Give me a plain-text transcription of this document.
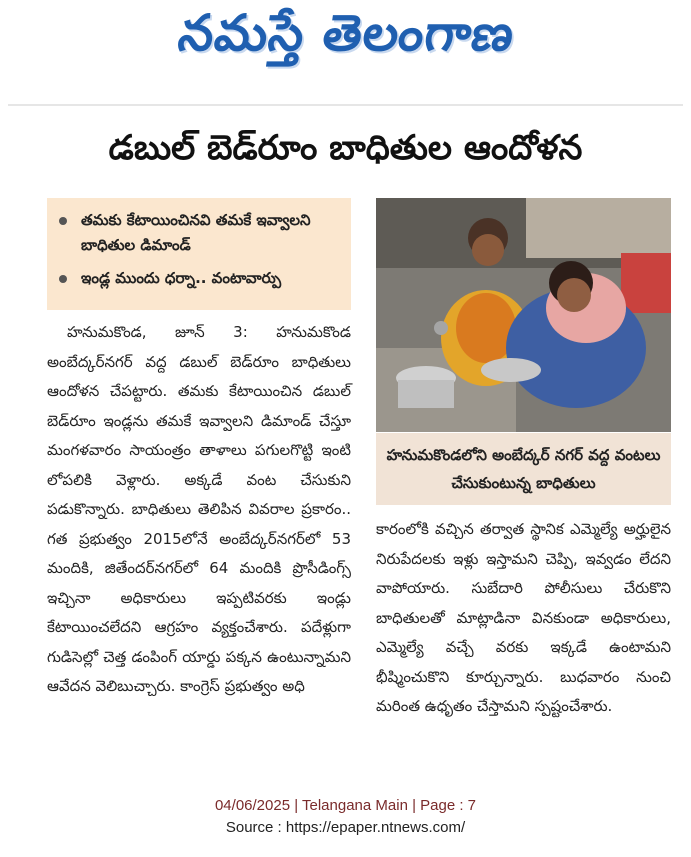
నమస్తే తెలంగాణ
డబుల్ బెడ్‌రూం బాధితుల ఆందోళన
తమకు కేటాయించినవి తమకే ఇవ్వాలని బాధితుల డిమాండ్
ఇండ్ల ముందు ధర్నా.. వంటావార్పు

హనుమకొండ, జూన్ 3: హనుమకొండ అంబేద్కర్‌నగర్ వద్ద డబుల్ బెడ్‌రూం బాధితులు ఆందోళన చేపట్టారు. తమకు కేటాయించిన డబుల్ బెడ్‌రూం ఇండ్లను తమకే ఇవ్వాలని డిమాండ్ చేస్తూ మంగళవారం సాయంత్రం తాళాలు పగులగొట్టి ఇంటి లోపలికి వెళ్లారు. అక్కడే వంట చేసుకుని పడుకొన్నారు. బాధితులు తెలిపిన వివరాల ప్రకారం.. గత ప్రభుత్వం 2015లోనే అంబేద్కర్‌నగర్‌లో 53 మందికి, జితేందర్‌నగర్‌లో 64 మందికి ప్రొసీడింగ్స్ ఇచ్చినా అధికారులు ఇప్పటివరకు ఇండ్లు కేటాయించలేదని ఆగ్రహం వ్యక్తంచేశారు. పదేళ్లుగా గుడిసెల్లో చెత్త డంపింగ్ యార్డు పక్కన ఉంటున్నామని ఆవేదన వెలిబుచ్చారు. కాంగ్రెస్ ప్రభుత్వం అధి

హనుమకొండలోని అంబేద్కర్ నగర్ వద్ద వంటలు చేసుకుంటున్న బాధితులు

కారంలోకి వచ్చిన తర్వాత స్థానిక ఎమ్మెల్యే అర్హులైన నిరుపేదలకు ఇళ్లు ఇస్తామని చెప్పి, ఇవ్వడం లేదని వాపోయారు. సుబేదారి పోలీసులు చేరుకొని బాధితులతో మాట్లాడినా వినకుండా అధికారులు, ఎమ్మెల్యే వచ్చే వరకు ఇక్కడే ఉంటామని భీష్మించుకొని కూర్చున్నారు. బుధవారం నుంచి మరింత ఉధృతం చేస్తామని స్పష్టంచేశారు.

04/06/2025 | Telangana Main | Page : 7
Source : https://epaper.ntnews.com/
